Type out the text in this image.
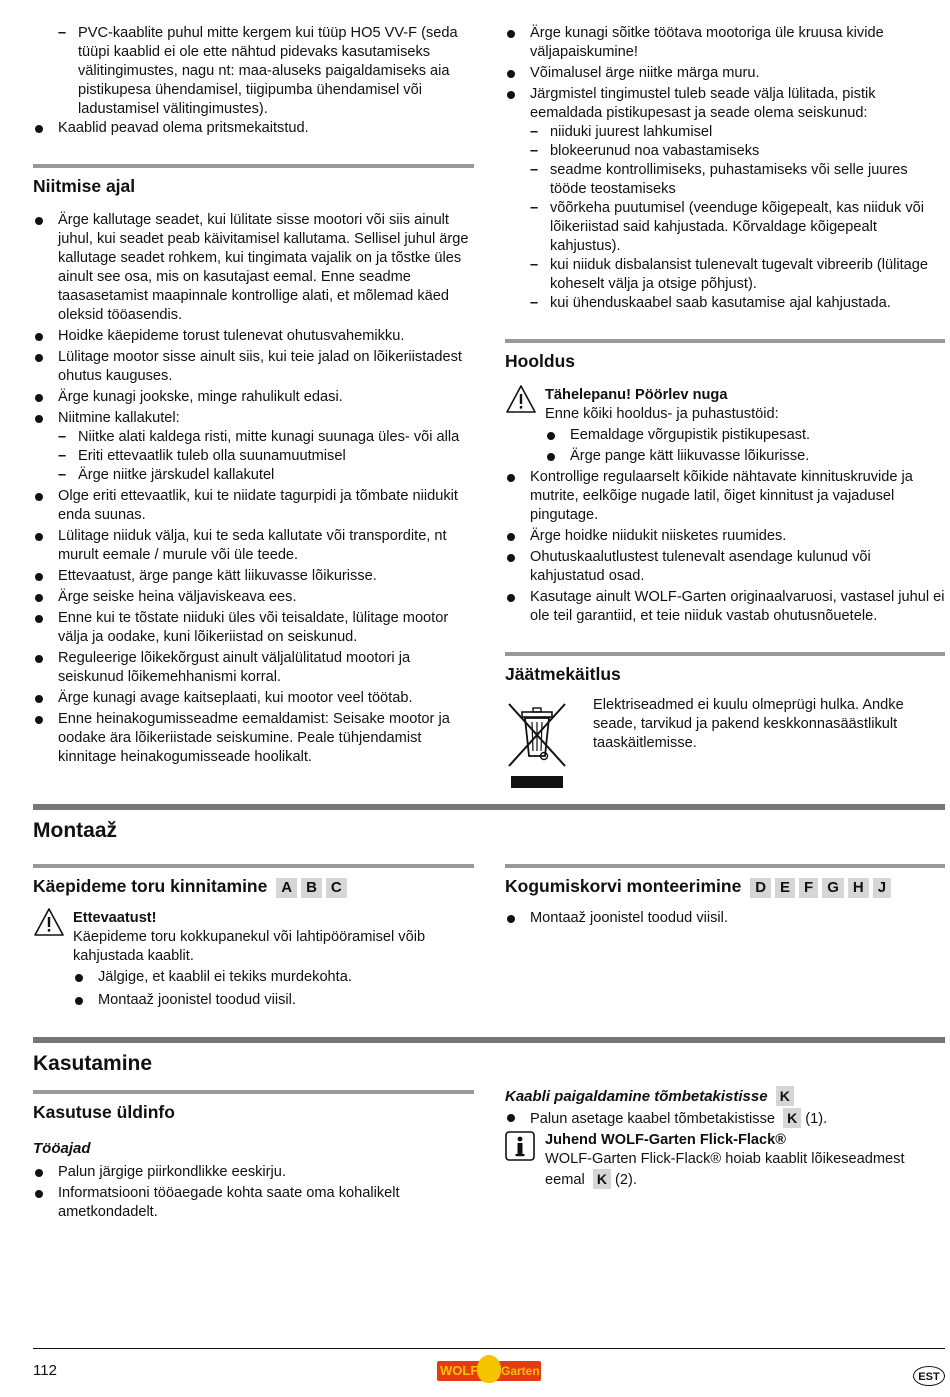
– PVC-kaablite puhul mitte kergem kui tüüp HO5 VV-F (seda tüüpi kaablid ei ole ette nähtud pidevaks kasutamiseks välitingimustes, nagu nt: maa-aluseks paigaldamiseks aia pistikupesa ühendamisel, tiigipumba ühendamisel või ladustamisel välitingimustes).

Kaablid peavad olema pritsmekaitstud.

Niitmise ajal

Ärge kallutage seadet, kui lülitate sisse mootori või siis ainult juhul, kui seadet peab käivitamisel kallutama. Sellisel juhul ärge kallutage seadet rohkem, kui tingimata vajalik on ja tõstke üles ainult see osa, mis on kasutajast eemal. Enne seadme taasasetamist maapinnale kontrollige alati, et mõlemad käed oleksid tööasendis.

Hoidke käepideme torust tulenevat ohutusvahemikku.

Lülitage mootor sisse ainult siis, kui teie jalad on lõikeriistadest ohutus kauguses.

Ärge kunagi jookske, minge rahulikult edasi.

Niitmine kallakutel:

– Niitke alati kaldega risti, mitte kunagi suunaga üles- või alla

– Eriti ettevaatlik tuleb olla suunamuutmisel

– Ärge niitke järskudel kallakutel

Olge eriti ettevaatlik, kui te niidate tagurpidi ja tõmbate niidukit enda suunas.

Lülitage niiduk välja, kui te seda kallutate või transpordite, nt murult eemale / murule või üle teede.

Ettevaatust, ärge pange kätt liikuvasse lõikurisse.

Ärge seiske heina väljaviskeava ees.

Enne kui te tõstate niiduki üles või teisaldate, lülitage mootor välja ja oodake, kuni lõikeriistad on seiskunud.

Reguleerige lõikekõrgust ainult väljalülitatud mootori ja seiskunud lõikemehhanismi korral.

Ärge kunagi avage kaitseplaati, kui mootor veel töötab.

Enne heinakogumisseadme eemaldamist: Seisake mootor ja oodake ära lõikeriistade seiskumine. Peale tühjendamist kinnitage heinakogumisseade hoolikalt.

Ärge kunagi sõitke töötava mootoriga üle kruusa kivide väljapaiskumine!

Võimalusel ärge niitke märga muru.

Järgmistel tingimustel tuleb seade välja lülitada, pistik eemaldada pistikupesast ja seade olema seiskunud:

– niiduki juurest lahkumisel

– blokeerunud noa vabastamiseks

– seadme kontrollimiseks, puhastamiseks või selle juures tööde teostamiseks

– võõrkeha puutumisel (veenduge kõigepealt, kas niiduk või lõikeriistad said kahjustada. Kõrvaldage kõigepealt kahjustus).

– kui niiduk disbalansist tulenevalt tugevalt vibreerib (lülitage koheselt välja ja otsige põhjust).

– kui ühenduskaabel saab kasutamise ajal kahjustada.

Hooldus

Tähelepanu! Pöörlev nuga

Enne kõiki hooldus- ja puhastustöid:

Eemaldage võrgupistik pistikupesast.

Ärge pange kätt liikuvasse lõikurisse.

Kontrollige regulaarselt kõikide nähtavate kinnituskruvide ja mutrite, eelkõige nugade latil, õiget kinnitust ja vajadusel pingutage.

Ärge hoidke niidukit niisketes ruumides.

Ohutuskaalutlustest tulenevalt asendage kulunud või kahjustatud osad.

Kasutage ainult WOLF-Garten originaalvaruosi, vastasel juhul ei ole teil garantiid, et teie niiduk vastab ohutusnõuetele.

Jäätmekäitlus

Elektriseadmed ei kuulu olmeprügi hulka. Andke seade, tarvikud ja pakend keskkonnasäästlikult taaskäitlemisse.

Montaaž
Käepideme toru kinnitamine A B C

Ettevaatust!

Käepideme toru kokkupanekul või lahtipööramisel võib kahjustada kaablit.

Jälgige, et kaablil ei tekiks murdekohta.

Montaaž joonistel toodud viisil.

Kogumiskorvi monteerimine D E F G H J

Montaaž joonistel toodud viisil.

Kasutamine
Kasutuse üldinfo

Tööajad

Palun järgige piirkondlikke eeskirju.

Informatsiooni tööaegade kohta saate oma kohalikelt ametkondadelt.

Kaabli paigaldamine tõmbetakistisse K

Palun asetage kaabel tõmbetakistisse K (1).

Juhend WOLF-Garten Flick-Flack®

WOLF-Garten Flick-Flack® hoiab kaablit lõikeseadmest eemal K (2).

112	WOLF Garten	EST
